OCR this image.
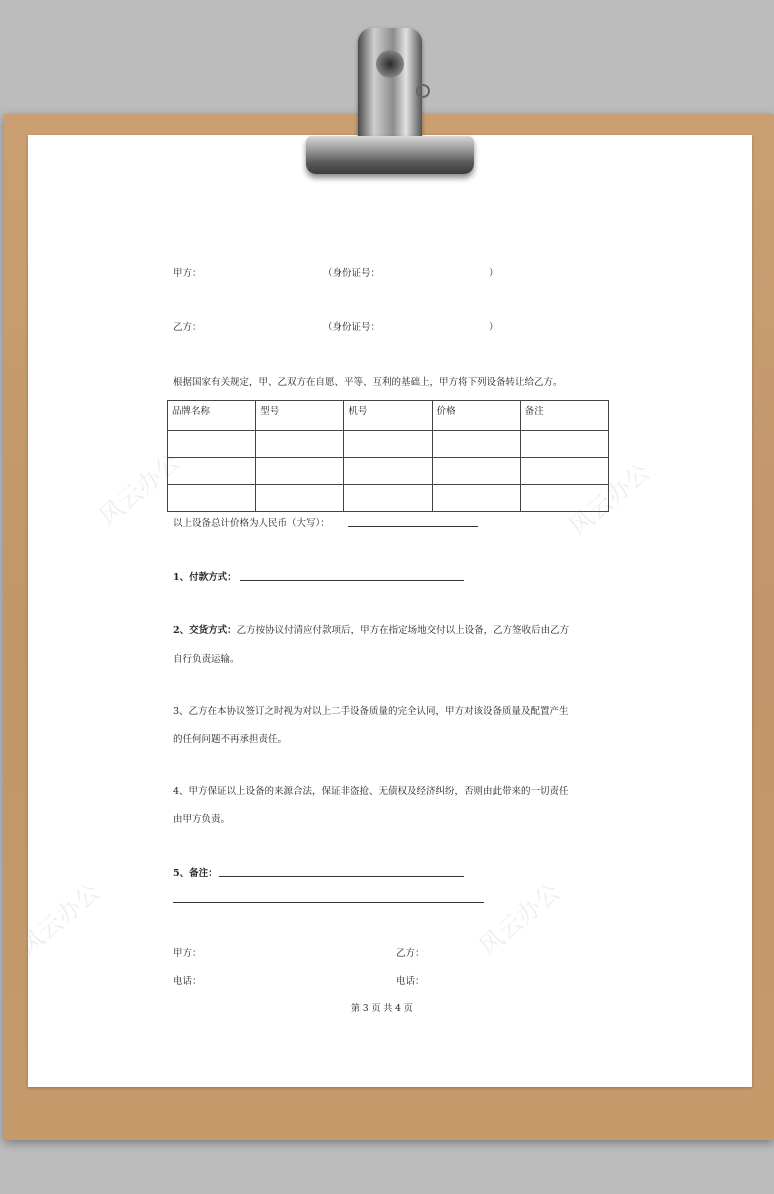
风云办公	风云办公
风云办公	风云办公
甲方：	（身份证号：	）
乙方：	（身份证号：	）
根据国家有关规定，甲、乙双方在自愿、平等、互利的基础上，甲方将下列设备转让给乙方。
品牌名称	型号	机号	价格	备注

以上设备总计价格为人民币（大写）：
1、付款方式：
2、交货方式：乙方按协议付清应付款项后，甲方在指定场地交付以上设备，乙方签收后由乙方
自行负责运输。
3、乙方在本协议签订之时视为对以上二手设备质量的完全认同，甲方对该设备质量及配置产生
的任何问题不再承担责任。
4、甲方保证以上设备的来源合法，保证非盗抢、无债权及经济纠纷，否则由此带来的一切责任
由甲方负责。
5、备注：
甲方：	乙方：
电话：	电话：
第 3 页 共 4 页
